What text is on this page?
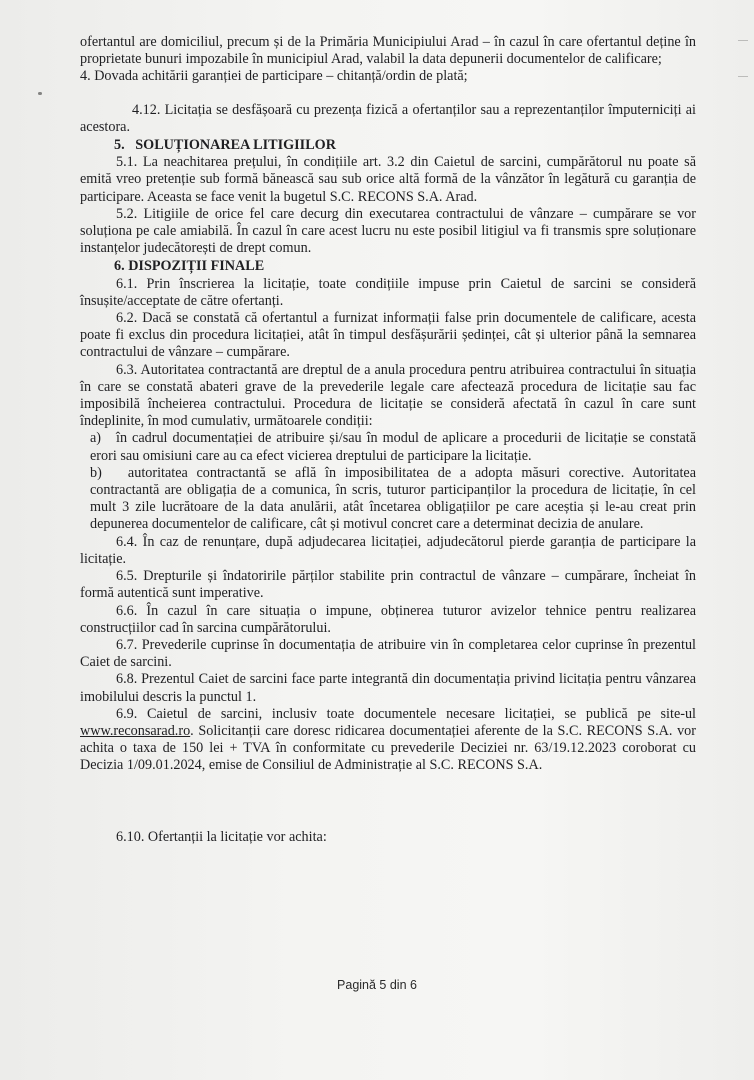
ofertantul are domiciliul, precum și de la Primăria Municipiului Arad – în cazul în care ofertantul deține în proprietate bunuri impozabile în municipiul Arad, valabil la data depunerii documentelor de calificare;

4. Dovada achitării garanției de participare – chitanță/ordin de plată;

4.12. Licitația se desfășoară cu prezența fizică a ofertanților sau a reprezentanților împuterniciți ai acestora.

5.   SOLUȚIONAREA LITIGIILOR

5.1. La neachitarea prețului, în condițiile art. 3.2 din Caietul de sarcini, cumpărătorul nu poate să emită vreo pretenție sub formă bănească sau sub orice altă formă de la vânzător în legătură cu garanția de participare. Aceasta se face venit la bugetul S.C. RECONS S.A. Arad.

5.2. Litigiile de orice fel care decurg din executarea contractului de vânzare – cumpărare se vor soluționa pe cale amiabilă. În cazul în care acest lucru nu este posibil litigiul va fi transmis spre soluționare instanțelor judecătorești de drept comun.

6. DISPOZIȚII FINALE

6.1. Prin înscrierea la licitație, toate condițiile impuse prin Caietul de sarcini se consideră însușite/acceptate de către ofertanți.

6.2. Dacă se constată că ofertantul a furnizat informații false prin documentele de calificare, acesta poate fi exclus din procedura licitației, atât în timpul desfășurării ședinței, cât și ulterior până la semnarea contractului de vânzare – cumpărare.

6.3. Autoritatea contractantă are dreptul de a anula procedura pentru atribuirea contractului în situația în care se constată abateri grave de la prevederile legale care afectează procedura de licitație sau fac imposibilă încheierea contractului. Procedura de licitație se consideră afectată în cazul în care sunt îndeplinite, în mod cumulativ, următoarele condiții:

a)   în cadrul documentației de atribuire și/sau în modul de aplicare a procedurii de licitație se constată erori sau omisiuni care au ca efect vicierea dreptului de participare la licitație.

b)   autoritatea contractantă se află în imposibilitatea de a adopta măsuri corective. Autoritatea contractantă are obligația de a comunica, în scris, tuturor participanților la procedura de licitație, în cel mult 3 zile lucrătoare de la data anulării, atât încetarea obligațiilor pe care aceștia și le-au creat prin depunerea documentelor de calificare, cât și motivul concret care a determinat decizia de anulare.

6.4. În caz de renunțare, după adjudecarea licitației, adjudecătorul pierde garanția de participare la licitație.

6.5. Drepturile și îndatoririle părților stabilite prin contractul de vânzare – cumpărare, încheiat în formă autentică sunt imperative.

6.6. În cazul în care situația o impune, obținerea tuturor avizelor tehnice pentru realizarea construcțiilor cad în sarcina cumpărătorului.

6.7. Prevederile cuprinse în documentația de atribuire vin în completarea celor cuprinse în prezentul Caiet de sarcini.

6.8. Prezentul Caiet de sarcini face parte integrantă din documentația privind licitația pentru vânzarea imobilului descris la punctul 1.

6.9. Caietul de sarcini, inclusiv toate documentele necesare licitației, se publică pe site-ul www.reconsarad.ro. Solicitanții care doresc ridicarea documentației aferente de la S.C. RECONS S.A. vor achita o taxa de 150 lei + TVA în conformitate cu prevederile Deciziei nr. 63/19.12.2023 coroborat cu Decizia 1/09.01.2024, emise de Consiliul de Administrație al S.C. RECONS S.A.

6.10. Ofertanții la licitație vor achita:

Pagină 5 din 6
